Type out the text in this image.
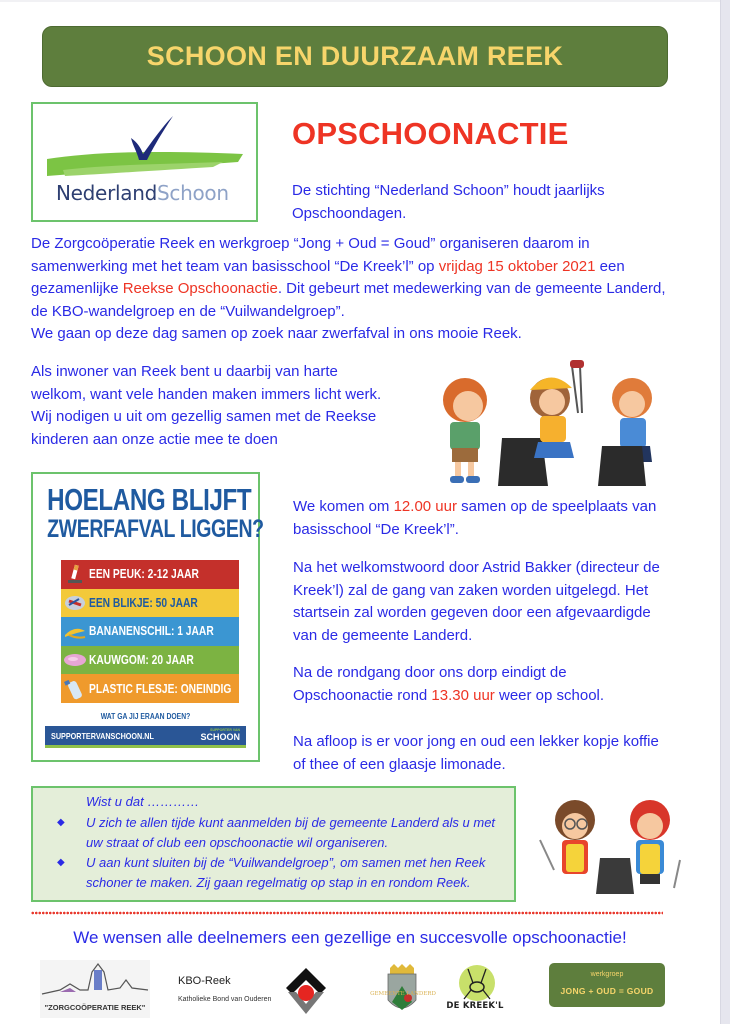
SCHOON EN DUURZAAM REEK
NederlandSchoon
OPSCHOONACTIE
De stichting “Nederland Schoon” houdt jaarlijks Opschoondagen.
De Zorgcoöperatie Reek en werkgroep “Jong + Oud = Goud” organiseren daarom in samenwerking met het team van basisschool “De Kreek’l” op vrijdag 15 oktober 2021 een gezamenlijke Reekse Opschoonactie. Dit gebeurt met medewerking van de gemeente Landerd, de KBO-wandelgroep en de “Vuilwandelgroep”.
We gaan op deze dag samen op zoek naar zwerfafval in ons mooie Reek.
Als inwoner van Reek bent u daarbij van harte welkom, want vele handen maken immers licht werk. Wij nodigen u uit om gezellig samen met de Reekse kinderen aan onze actie mee te doen
HOELANG BLIJFT
ZWERFAFVAL LIGGEN?
EEN PEUK: 2-12 JAAR
EEN BLIKJE: 50 JAAR
BANANENSCHIL: 1 JAAR
KAUWGOM: 20 JAAR
PLASTIC FLESJE: ONEINDIG
WAT GA JIJ ERAAN DOEN?
SUPPORTERVANSCHOON.NL
SUPPORTER VAN
SCHOON
We komen om 12.00 uur samen op de speelplaats van basisschool “De Kreek’l”.
Na het welkomstwoord door Astrid Bakker (directeur de Kreek’l) zal de gang van zaken worden uitgelegd. Het startsein zal worden gegeven door een afgevaardigde van de gemeente Landerd.
Na de rondgang door ons dorp eindigt de Opschoonactie rond 13.30 uur weer op school.
Na afloop is er voor jong en oud een lekker kopje koffie of thee of een glaasje limonade.
Wist u dat …………
◆ U zich te allen tijde kunt aanmelden bij de gemeente Landerd als u met uw straat of club een opschoonactie wil organiseren.
◆ U aan kunt sluiten bij de “Vuilwandelgroep”, om samen met hen Reek schoner te maken. Zij gaan regelmatig op stap in en rondom Reek.
We wensen alle deelnemers een gezellige en succesvolle opschoonactie!
"ZORGCOÖPERATIE REEK"
KBO-Reek
Katholieke Bond van Ouderen
GEMEENTE LANDERD
DE KREEK'L
werkgroep
JONG + OUD = GOUD
